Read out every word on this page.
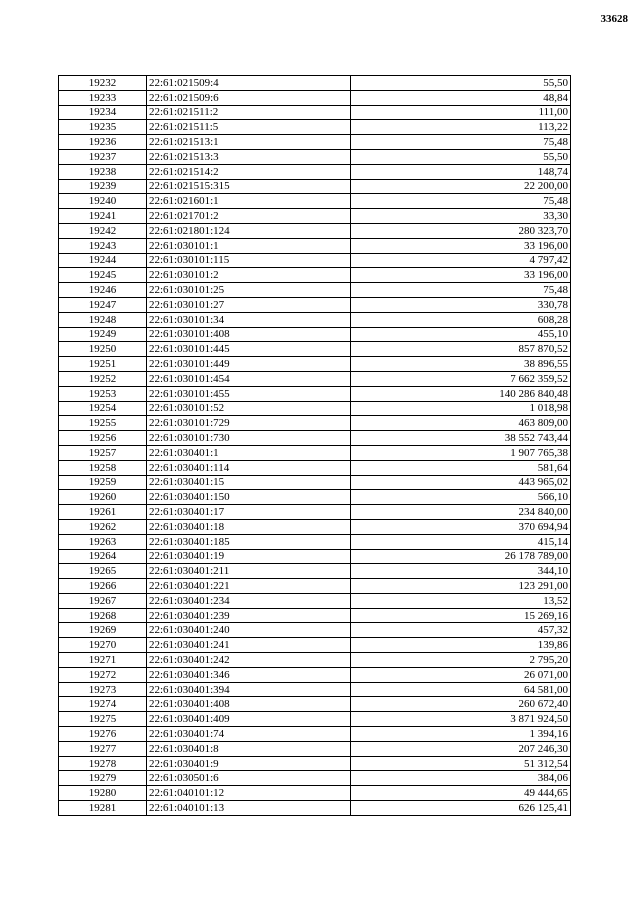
33628
19232	22:61:021509:4	55,50
19233	22:61:021509:6	48,84
19234	22:61:021511:2	111,00
19235	22:61:021511:5	113,22
19236	22:61:021513:1	75,48
19237	22:61:021513:3	55,50
19238	22:61:021514:2	148,74
19239	22:61:021515:315	22 200,00
19240	22:61:021601:1	75,48
19241	22:61:021701:2	33,30
19242	22:61:021801:124	280 323,70
19243	22:61:030101:1	33 196,00
19244	22:61:030101:115	4 797,42
19245	22:61:030101:2	33 196,00
19246	22:61:030101:25	75,48
19247	22:61:030101:27	330,78
19248	22:61:030101:34	608,28
19249	22:61:030101:408	455,10
19250	22:61:030101:445	857 870,52
19251	22:61:030101:449	38 896,55
19252	22:61:030101:454	7 662 359,52
19253	22:61:030101:455	140 286 840,48
19254	22:61:030101:52	1 018,98
19255	22:61:030101:729	463 809,00
19256	22:61:030101:730	38 552 743,44
19257	22:61:030401:1	1 907 765,38
19258	22:61:030401:114	581,64
19259	22:61:030401:15	443 965,02
19260	22:61:030401:150	566,10
19261	22:61:030401:17	234 840,00
19262	22:61:030401:18	370 694,94
19263	22:61:030401:185	415,14
19264	22:61:030401:19	26 178 789,00
19265	22:61:030401:211	344,10
19266	22:61:030401:221	123 291,00
19267	22:61:030401:234	13,52
19268	22:61:030401:239	15 269,16
19269	22:61:030401:240	457,32
19270	22:61:030401:241	139,86
19271	22:61:030401:242	2 795,20
19272	22:61:030401:346	26 071,00
19273	22:61:030401:394	64 581,00
19274	22:61:030401:408	260 672,40
19275	22:61:030401:409	3 871 924,50
19276	22:61:030401:74	1 394,16
19277	22:61:030401:8	207 246,30
19278	22:61:030401:9	51 312,54
19279	22:61:030501:6	384,06
19280	22:61:040101:12	49 444,65
19281	22:61:040101:13	626 125,41
